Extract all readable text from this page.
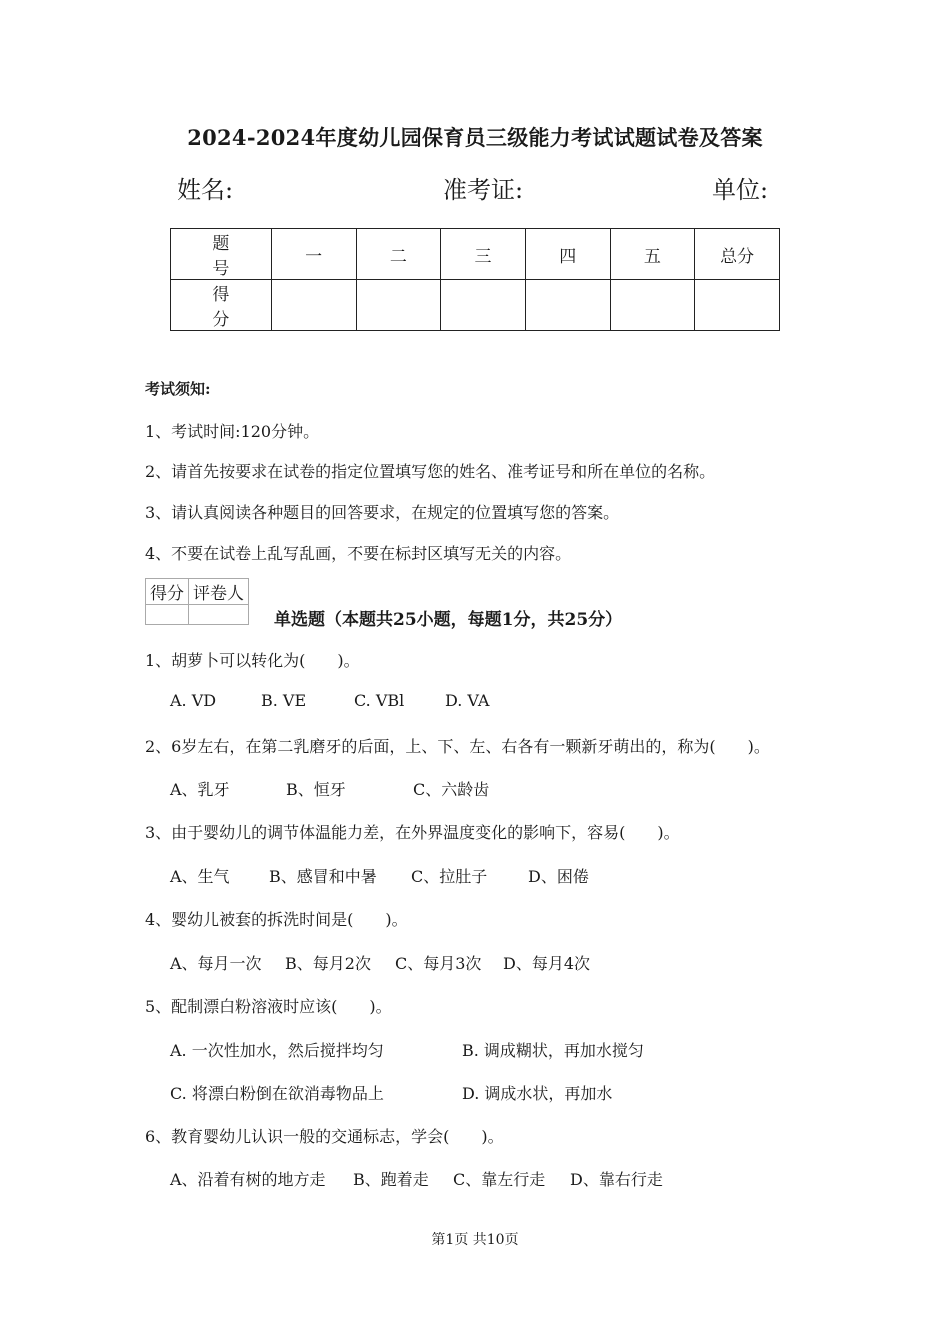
2024-2024年度幼儿园保育员三级能力考试试题试卷及答案
姓名:	准考证:	单位:
题　号	一	二	三	四	五	总分
得　分						
考试须知:
1、考试时间:120分钟。
2、请首先按要求在试卷的指定位置填写您的姓名、准考证号和所在单位的名称。
3、请认真阅读各种题目的回答要求，在规定的位置填写您的答案。
4、不要在试卷上乱写乱画，不要在标封区填写无关的内容。
得分	评卷人

单选题（本题共25小题，每题1分，共25分）
1、胡萝卜可以转化为(　　)。
A. VD	B. VE	C. VBl	D. VA
2、6岁左右，在第二乳磨牙的后面，上、下、左、右各有一颗新牙萌出的，称为(　　)。
A、乳牙	B、恒牙	C、六龄齿
3、由于婴幼儿的调节体温能力差，在外界温度变化的影响下，容易(　　)。
A、生气 B、感冒和中暑 C、拉肚子	D、困倦
4、婴幼儿被套的拆洗时间是(　　)。
A、每月一次 B、每月2次 C、每月3次 D、每月4次
5、配制漂白粉溶液时应该(　　)。
A. 一次性加水，然后搅拌均匀	B. 调成糊状，再加水搅匀
C. 将漂白粉倒在欲消毒物品上	D. 调成水状，再加水
6、教育婴幼儿认识一般的交通标志，学会(　　)。
A、沿着有树的地方走 B、跑着走 C、靠左行走 D、靠右行走
第1页 共10页
